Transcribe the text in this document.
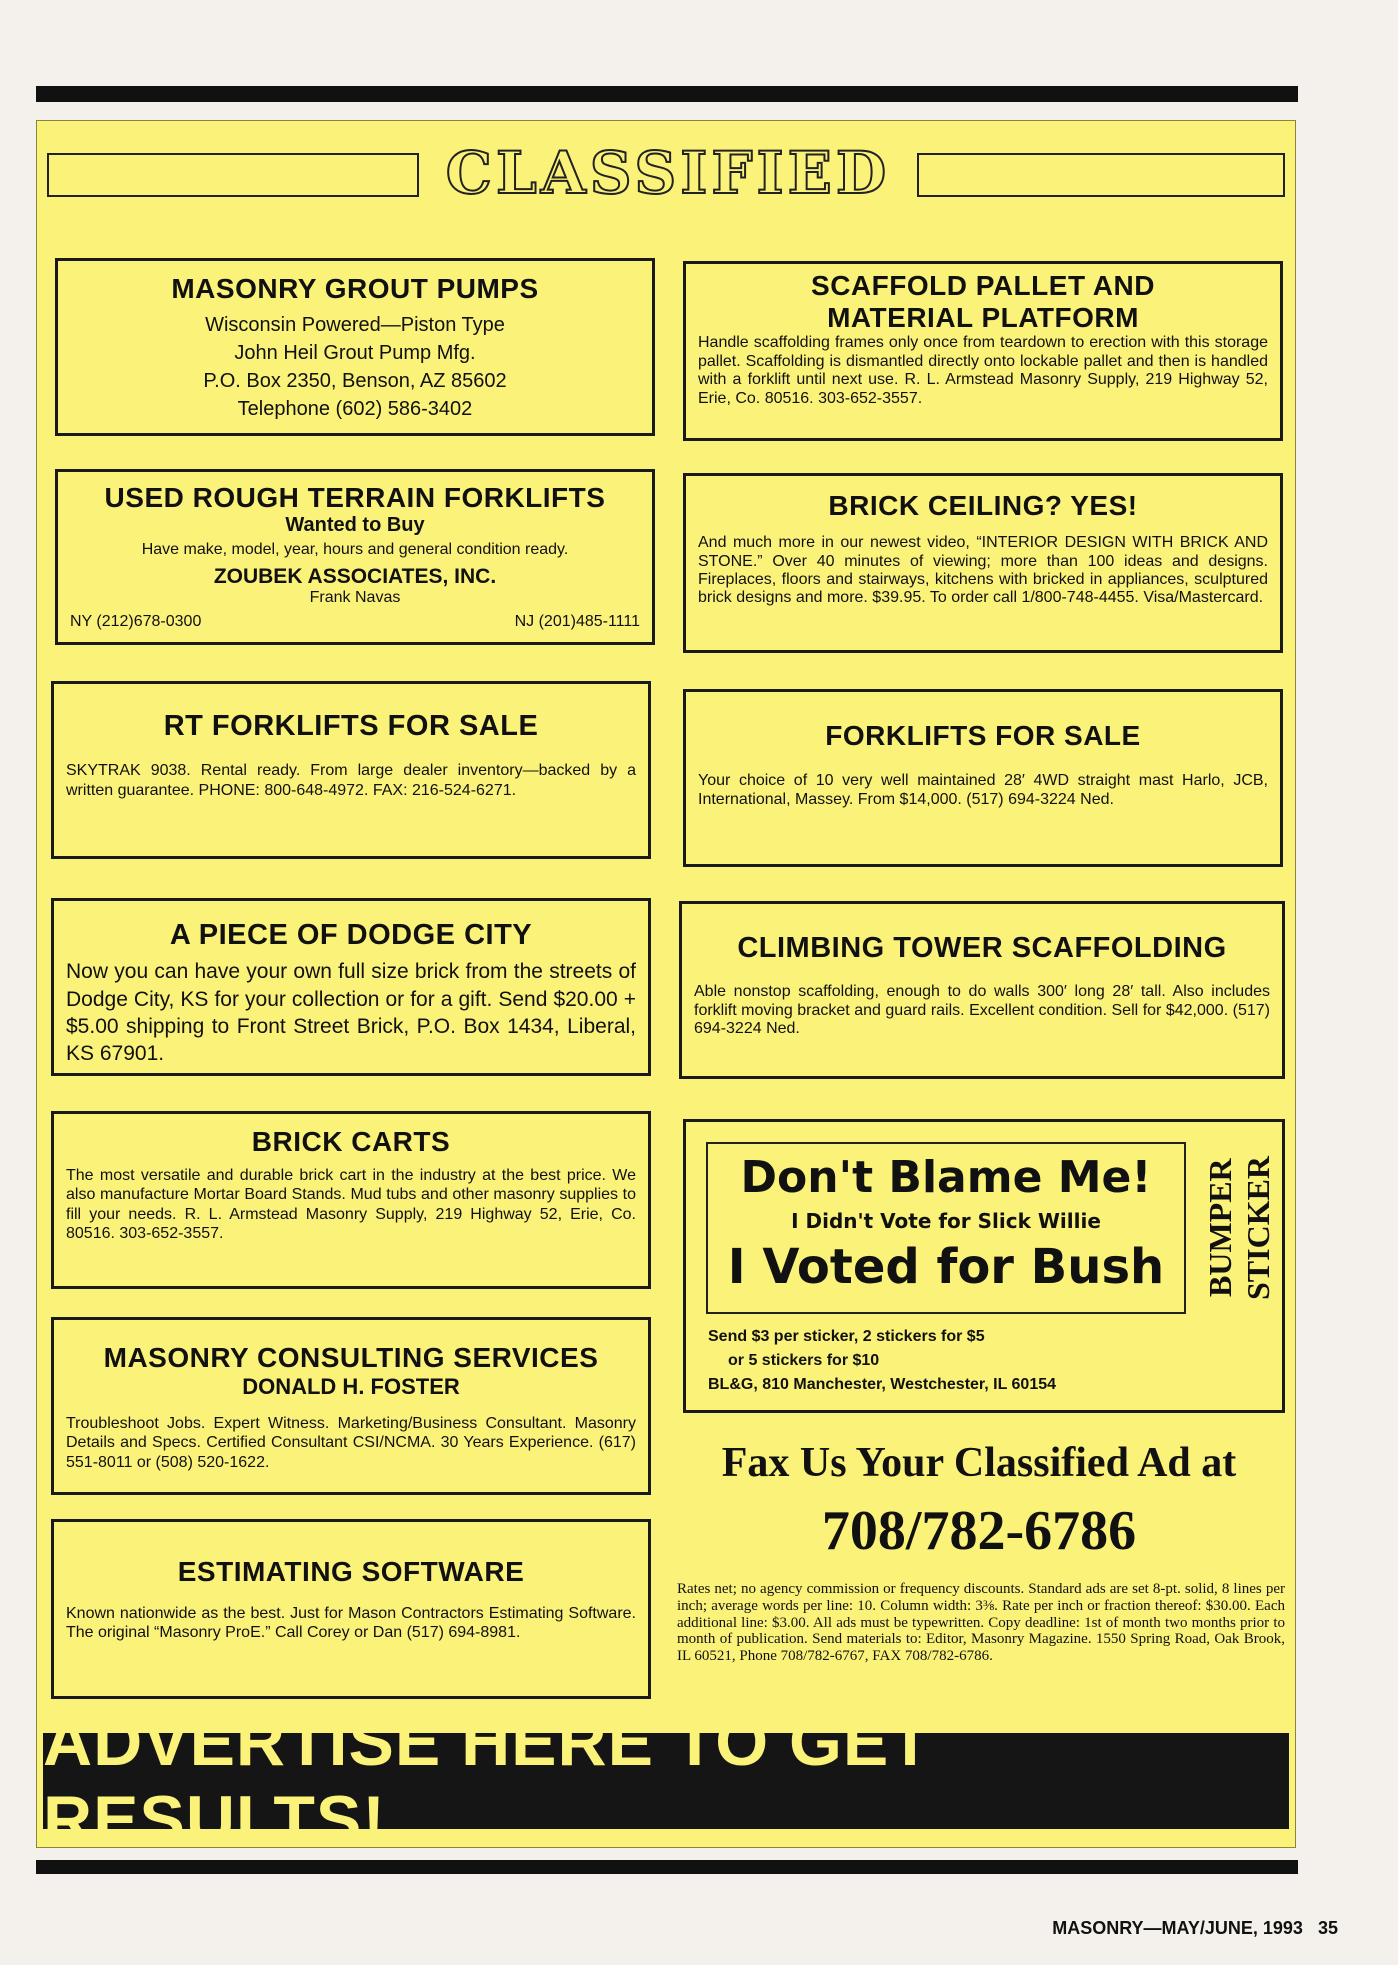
CLASSIFIED
MASONRY GROUT PUMPS
Wisconsin Powered—Piston Type
John Heil Grout Pump Mfg.
P.O. Box 2350, Benson, AZ 85602
Telephone (602) 586-3402
USED ROUGH TERRAIN FORKLIFTS
Wanted to Buy
Have make, model, year, hours and general condition ready.
ZOUBEK ASSOCIATES, INC.
Frank Navas
NY (212)678-0300	NJ (201)485-1111
RT FORKLIFTS FOR SALE
SKYTRAK 9038. Rental ready. From large dealer inventory—backed by a written guarantee. PHONE: 800-648-4972. FAX: 216-524-6271.
A PIECE OF DODGE CITY
Now you can have your own full size brick from the streets of Dodge City, KS for your collection or for a gift. Send $20.00 + $5.00 shipping to Front Street Brick, P.O. Box 1434, Liberal, KS 67901.
BRICK CARTS
The most versatile and durable brick cart in the industry at the best price. We also manufacture Mortar Board Stands. Mud tubs and other masonry supplies to fill your needs. R. L. Armstead Masonry Supply, 219 Highway 52, Erie, Co. 80516. 303-652-3557.
MASONRY CONSULTING SERVICES
DONALD H. FOSTER
Troubleshoot Jobs. Expert Witness. Marketing/Business Consultant. Masonry Details and Specs. Certified Consultant CSI/NCMA. 30 Years Experience. (617) 551-8011 or (508) 520-1622.
ESTIMATING SOFTWARE
Known nationwide as the best. Just for Mason Contractors Estimating Software. The original “Masonry ProE.” Call Corey or Dan (517) 694-8981.
SCAFFOLD PALLET AND
MATERIAL PLATFORM
Handle scaffolding frames only once from teardown to erection with this storage pallet. Scaffolding is dismantled directly onto lockable pallet and then is handled with a forklift until next use. R. L. Armstead Masonry Supply, 219 Highway 52, Erie, Co. 80516. 303-652-3557.
BRICK CEILING? YES!
And much more in our newest video, “INTERIOR DESIGN WITH BRICK AND STONE.” Over 40 minutes of viewing; more than 100 ideas and designs. Fireplaces, floors and stairways, kitchens with bricked in appliances, sculptured brick designs and more. $39.95. To order call 1/800-748-4455. Visa/Mastercard.
FORKLIFTS FOR SALE
Your choice of 10 very well maintained 28′ 4WD straight mast Harlo, JCB, International, Massey. From $14,000. (517) 694-3224 Ned.
CLIMBING TOWER SCAFFOLDING
Able nonstop scaffolding, enough to do walls 300′ long 28′ tall. Also includes forklift moving bracket and guard rails. Excellent condition. Sell for $42,000. (517) 694-3224 Ned.
Don't Blame Me!
I Didn't Vote for Slick Willie
I Voted for Bush	BUMPER STICKER
Send $3 per sticker, 2 stickers for $5
or 5 stickers for $10
BL&G, 810 Manchester, Westchester, IL 60154
Fax Us Your Classified Ad at
708/782-6786
Rates net; no agency commission or frequency discounts. Standard ads are set 8-pt. solid, 8 lines per inch; average words per line: 10. Column width: 3⅜. Rate per inch or fraction thereof: $30.00. Each additional line: $3.00. All ads must be typewritten. Copy deadline: 1st of month two months prior to month of publication. Send materials to: Editor, Masonry Magazine. 1550 Spring Road, Oak Brook, IL 60521, Phone 708/782-6767, FAX 708/782-6786.
ADVERTISE HERE TO GET RESULTS!
MASONRY—MAY/JUNE, 1993 35
